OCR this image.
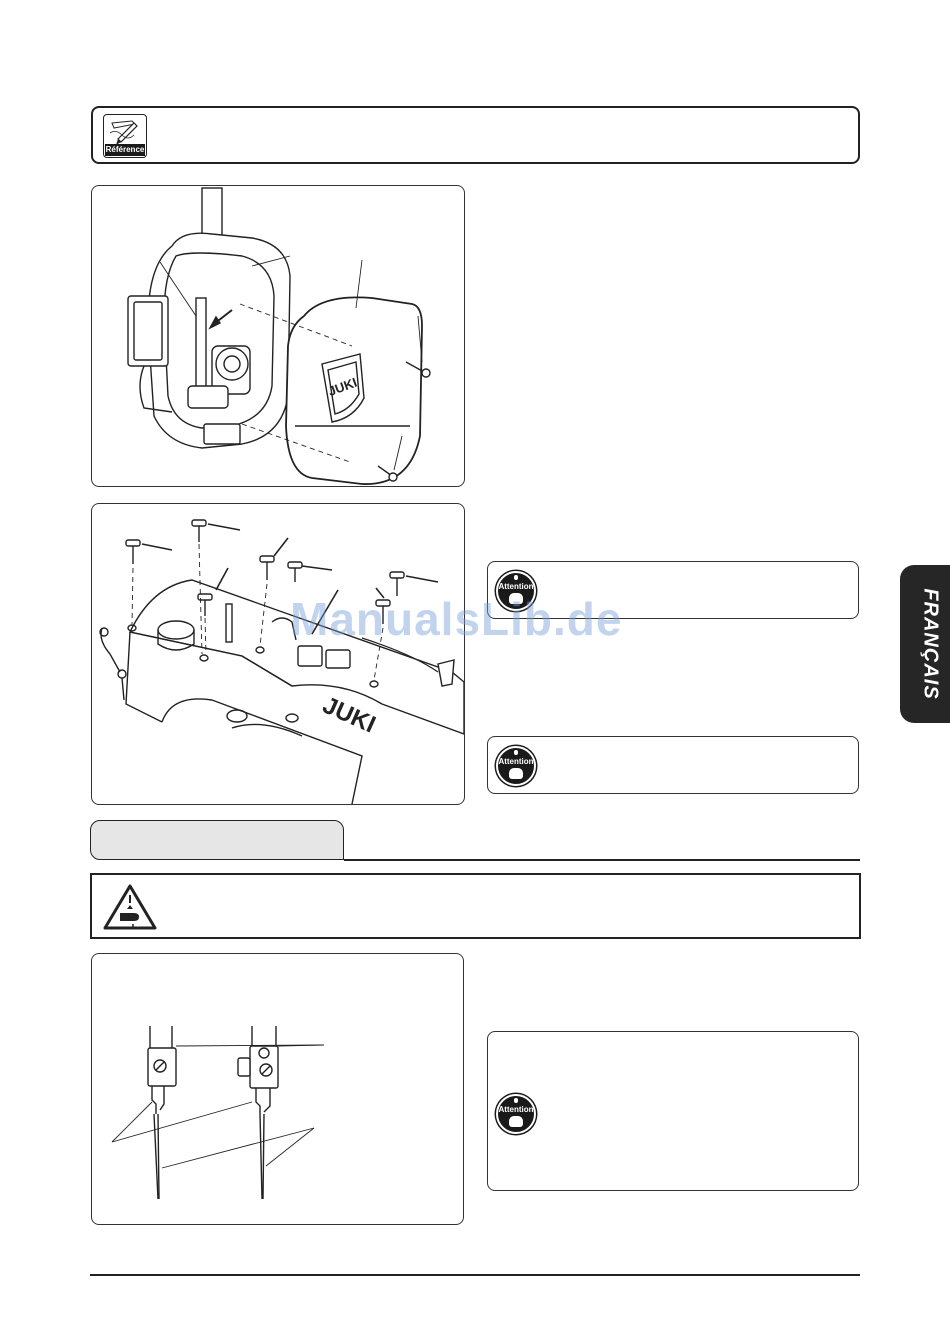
Référence
JUKI
JUKI
Attention
Attention
Attention
FRANÇAIS
ManualsLib.de
